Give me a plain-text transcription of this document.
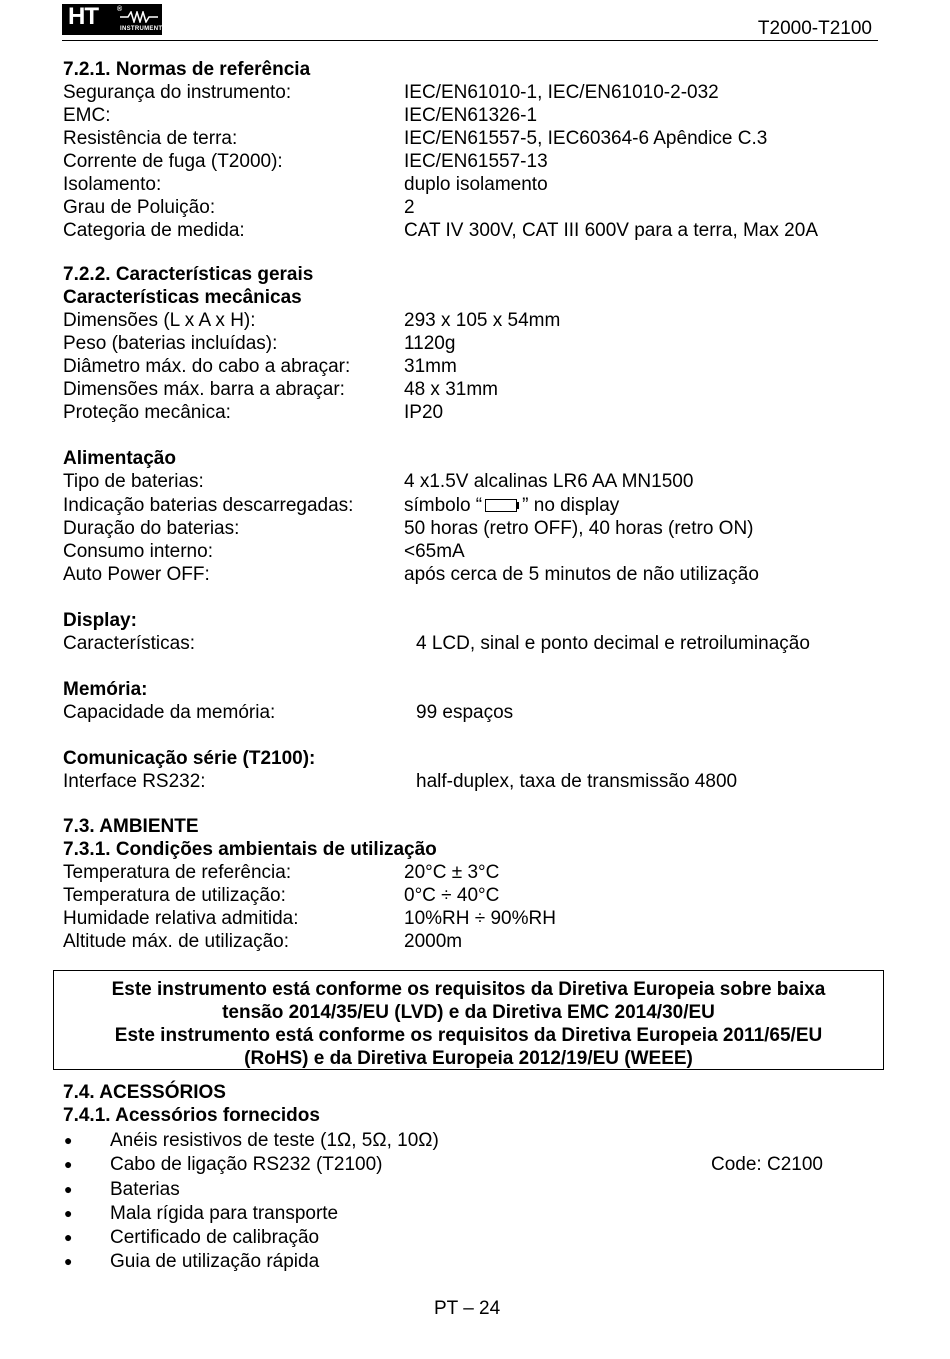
HT	®
INSTRUMENTS	T2000-T2100
7.2.1. Normas de referência
Segurança do instrumento:	IEC/EN61010-1, IEC/EN61010-2-032
EMC:	IEC/EN61326-1
Resistência de terra:	IEC/EN61557-5, IEC60364-6 Apêndice C.3
Corrente de fuga (T2000):	IEC/EN61557-13
Isolamento:	duplo isolamento
Grau de Poluição:	2
Categoria de medida:	CAT IV 300V, CAT III 600V para a terra, Max 20A
7.2.2. Características gerais
Características mecânicas
Dimensões (L x A x H):	293 x 105 x 54mm
Peso (baterias incluídas):	1120g
Diâmetro máx. do cabo a abraçar:	31mm
Dimensões máx. barra a abraçar:	48 x 31mm
Proteção mecânica:	IP20
Alimentação
Tipo de baterias:	4 x1.5V alcalinas LR6 AA MN1500
Indicação baterias descarregadas:	símbolo “ ” no display
Duração do baterias:	50 horas (retro OFF), 40 horas (retro ON)
Consumo interno:	<65mA
Auto Power OFF:	após cerca de 5 minutos de não utilização
Display:
Características:	4 LCD, sinal e ponto decimal e retroiluminação
Memória:
Capacidade da memória:	99 espaços
Comunicação série (T2100):
Interface RS232:	half-duplex, taxa de transmissão 4800
7.3. AMBIENTE
7.3.1. Condições ambientais de utilização
Temperatura de referência:	20°C ± 3°C
Temperatura de utilização:	0°C ÷ 40°C
Humidade relativa admitida:	10%RH ÷ 90%RH
Altitude máx. de utilização:	2000m

Este instrumento está conforme os requisitos da Diretiva Europeia sobre baixa

tensão 2014/35/EU (LVD) e da Diretiva EMC 2014/30/EU

Este instrumento está conforme os requisitos da Diretiva Europeia 2011/65/EU

(RoHS) e da Diretiva Europeia 2012/19/EU (WEEE)

7.4. ACESSÓRIOS
7.4.1. Acessórios fornecidos
● Anéis resistivos de teste (1Ω, 5Ω, 10Ω)
● Cabo de ligação RS232 (T2100)	Code: C2100
● Baterias
● Mala rígida para transporte
● Certificado de calibração
● Guia de utilização rápida
PT – 24
